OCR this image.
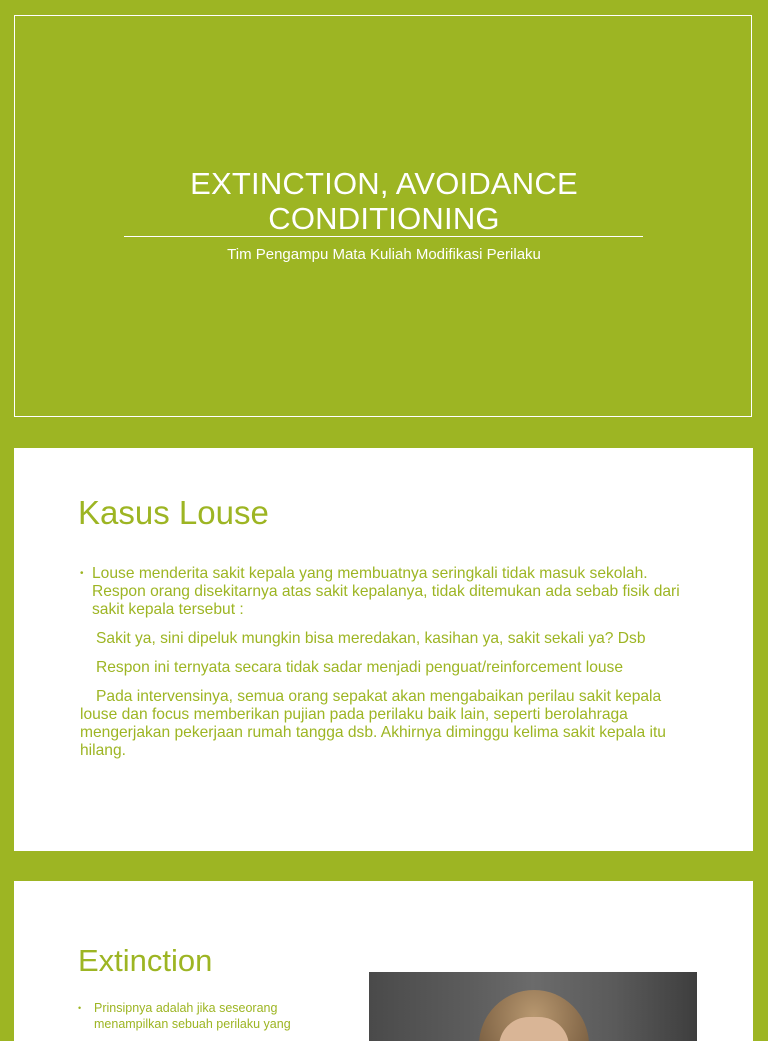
EXTINCTION, AVOIDANCE
CONDITIONING
Tim Pengampu Mata Kuliah Modifikasi Perilaku
Kasus Louse
• Louse menderita sakit kepala yang membuatnya seringkali tidak masuk sekolah. Respon orang disekitarnya atas sakit kepalanya, tidak ditemukan ada sebab fisik dari sakit kepala tersebut :
Sakit ya, sini dipeluk mungkin bisa meredakan, kasihan ya, sakit sekali ya? Dsb
Respon ini ternyata secara tidak sadar menjadi penguat/reinforcement louse
Pada intervensinya, semua orang sepakat akan mengabaikan perilau sakit kepala louse dan focus memberikan pujian pada perilaku baik lain, seperti berolahraga mengerjakan pekerjaan rumah tangga dsb. Akhirnya diminggu kelima sakit kepala itu hilang.
Extinction
• Prinsipnya adalah jika seseorang menampilkan sebuah perilaku yang
